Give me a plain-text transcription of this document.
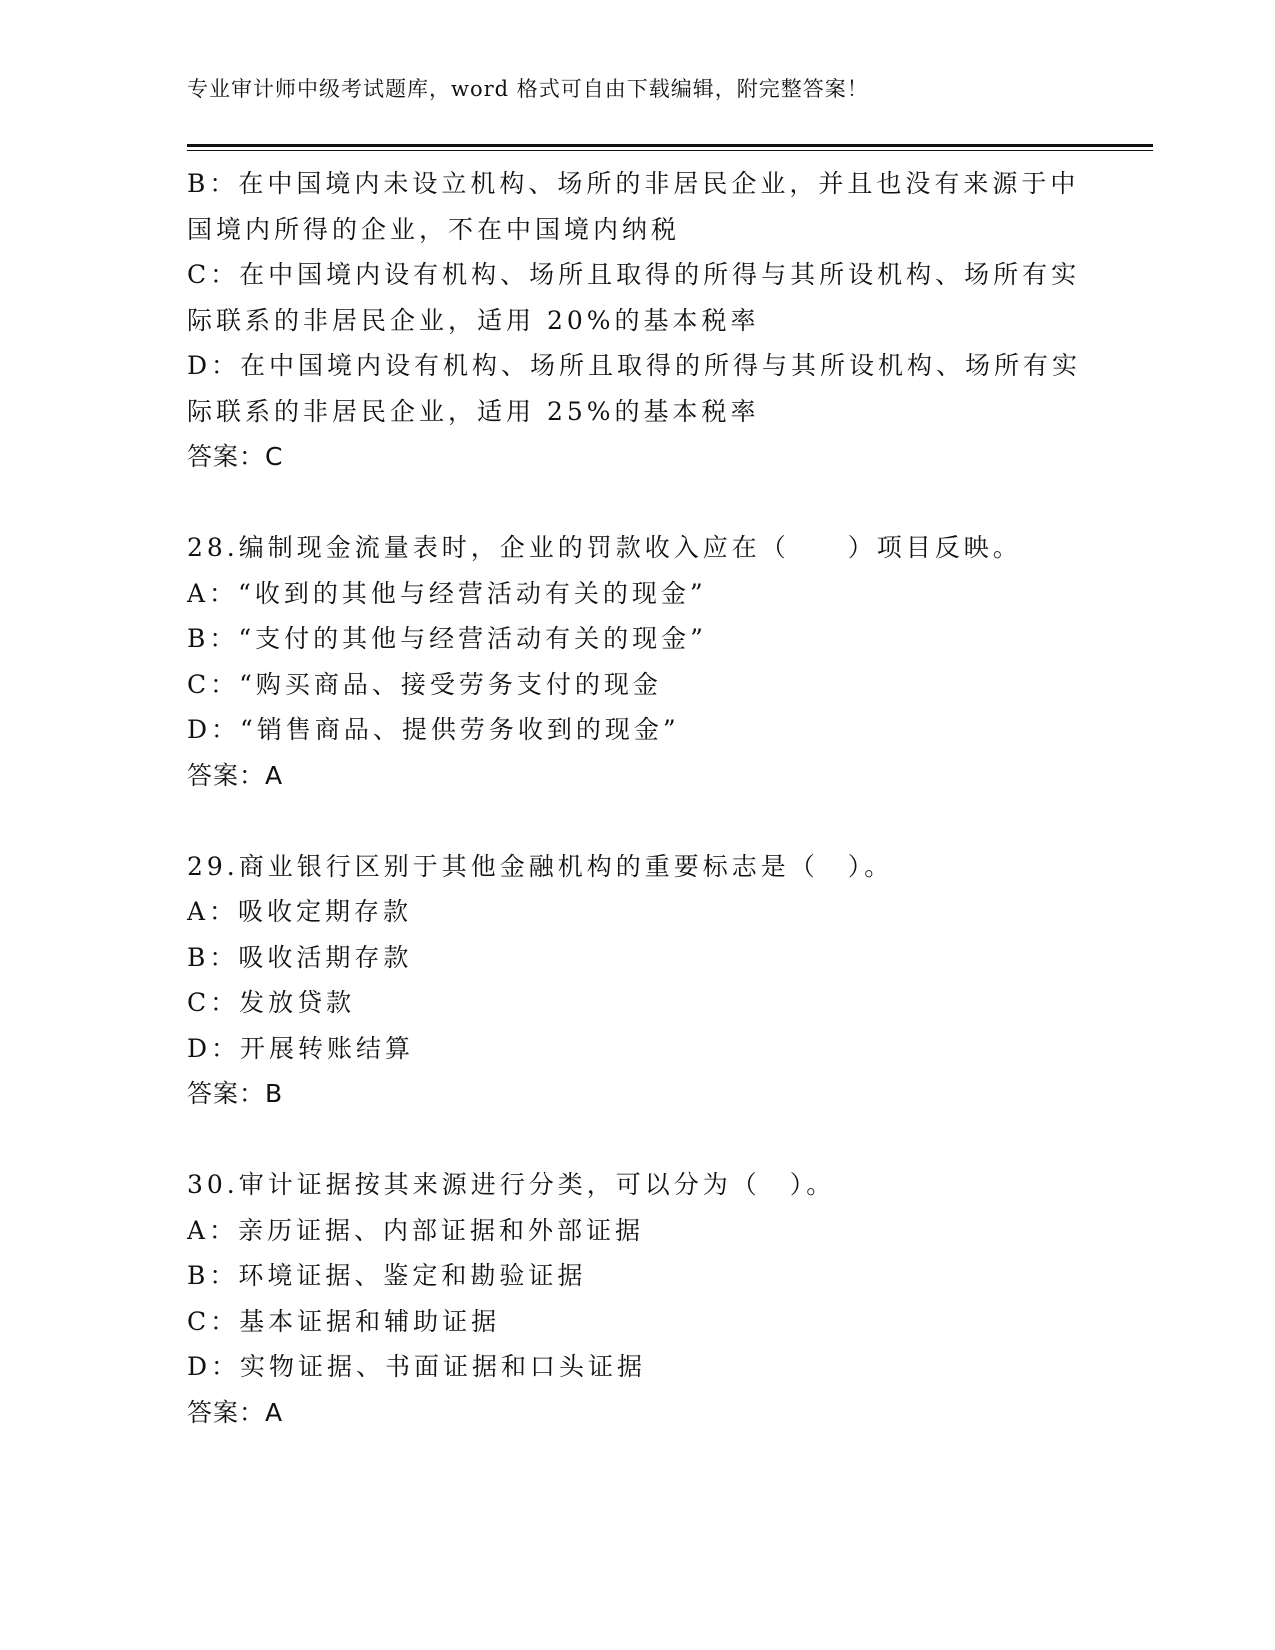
专业审计师中级考试题库，word 格式可自由下载编辑，附完整答案！
B：在中国境内未设立机构、场所的非居民企业，并且也没有来源于中
国境内所得的企业，不在中国境内纳税
C：在中国境内设有机构、场所且取得的所得与其所设机构、场所有实
际联系的非居民企业，适用 20%的基本税率
D：在中国境内设有机构、场所且取得的所得与其所设机构、场所有实
际联系的非居民企业，适用 25%的基本税率
答案：C
28.编制现金流量表时，企业的罚款收入应在（　　）项目反映。
A：“收到的其他与经营活动有关的现金”
B：“支付的其他与经营活动有关的现金”
C：“购买商品、接受劳务支付的现金
D：“销售商品、提供劳务收到的现金”
答案：A
29.商业银行区别于其他金融机构的重要标志是（　）。
A：吸收定期存款
B：吸收活期存款
C：发放贷款
D：开展转账结算
答案：B
30.审计证据按其来源进行分类，可以分为（　）。
A：亲历证据、内部证据和外部证据
B：环境证据、鉴定和勘验证据
C：基本证据和辅助证据
D：实物证据、书面证据和口头证据
答案：A
